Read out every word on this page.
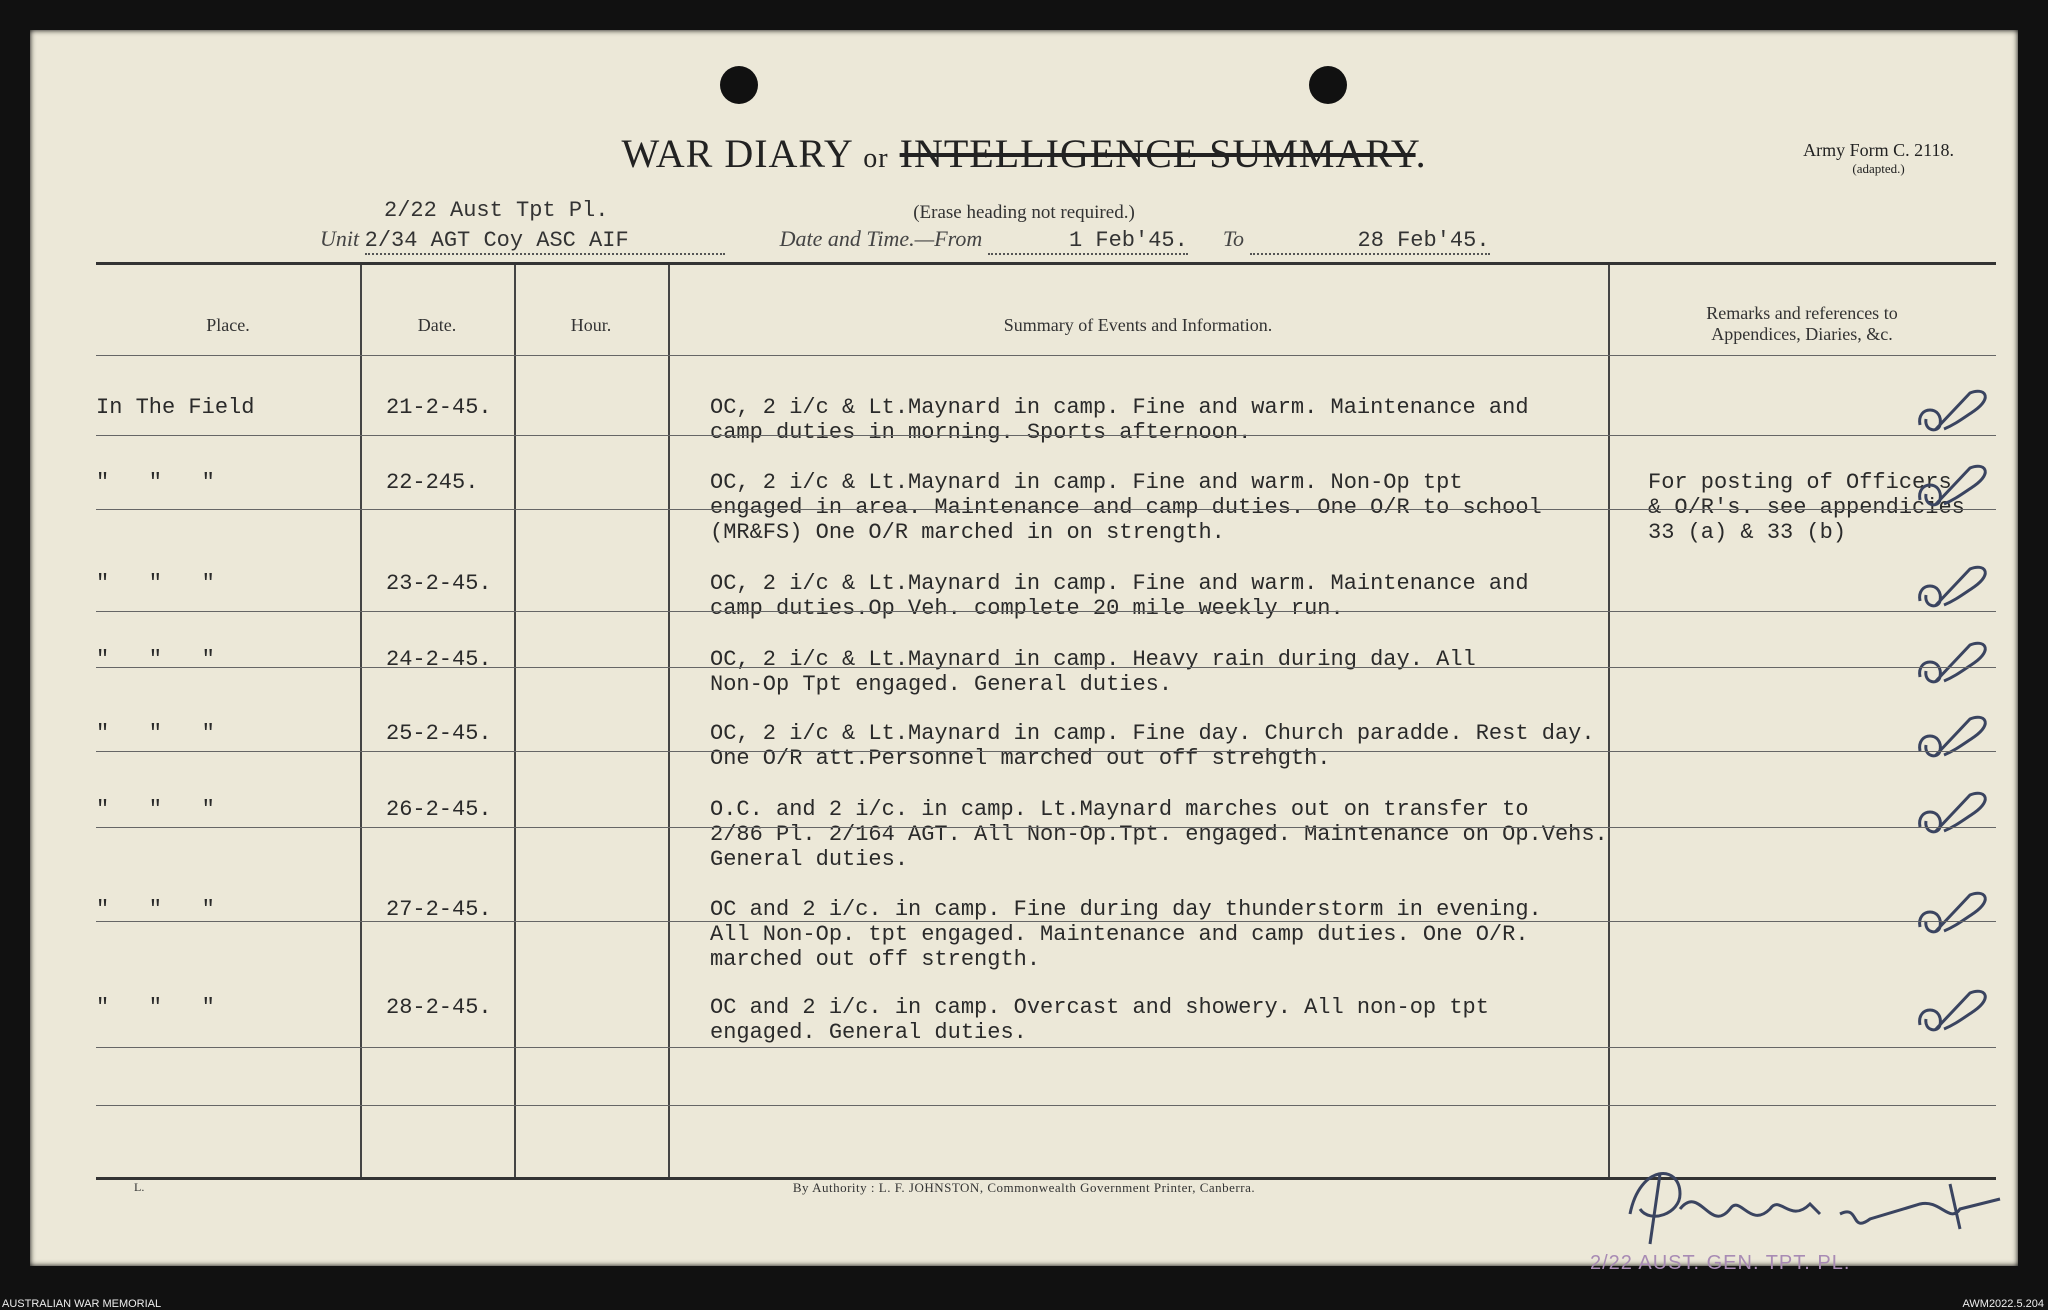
WAR DIARY or INTELLIGENCE SUMMARY.
(Erase heading not required.)
Army Form C. 2118.
(adapted.)
2/22 Aust Tpt Pl.
Unit 2/34 AGT Coy ASC AIF	Date and Time.—From	1 Feb'45. To	28 Feb'45.
Place.	Date.	Hour.	Summary of Events and Information.
Remarks and references to
Appendices, Diaries, &c.
In The Field	21-2-45.	OC, 2 i/c & Lt.Maynard in camp. Fine and warm. Maintenance and
camp duties in morning. Sports afternoon.
"   "   "	22-245.	OC, 2 i/c & Lt.Maynard in camp. Fine and warm. Non-Op tpt
engaged in area. Maintenance and camp duties. One O/R to school
(MR&FS) One O/R marched in on strength.
For posting of Officers
& O/R's. see appendicies
33 (a) & 33 (b)
"   "   "	23-2-45.	OC, 2 i/c & Lt.Maynard in camp. Fine and warm. Maintenance and
camp duties.Op Veh. complete 20 mile weekly run.
"   "   "	24-2-45.	OC, 2 i/c & Lt.Maynard in camp. Heavy rain during day. All
Non-Op Tpt engaged. General duties.
"   "   "	25-2-45.	OC, 2 i/c & Lt.Maynard in camp. Fine day. Church paradde. Rest day.
One O/R att.Personnel marched out off strehgth.
"   "   "	26-2-45.	O.C. and 2 i/c. in camp. Lt.Maynard marches out on transfer to
2/86 Pl. 2/164 AGT. All Non-Op.Tpt. engaged. Maintenance on Op.Vehs.
General duties.
"   "   "	27-2-45.	OC and 2 i/c. in camp. Fine during day thunderstorm in evening.
All Non-Op. tpt engaged. Maintenance and camp duties. One O/R.
marched out off strength.
"   "   "	28-2-45.	OC and 2 i/c. in camp. Overcast and showery. All non-op tpt
engaged. General duties.
L.	By Authority : L. F. JOHNSTON, Commonwealth Government Printer, Canberra.
2/22 AUST. GEN. TPT. PL.
AUSTRALIAN WAR MEMORIAL	AWM2022.5.204
